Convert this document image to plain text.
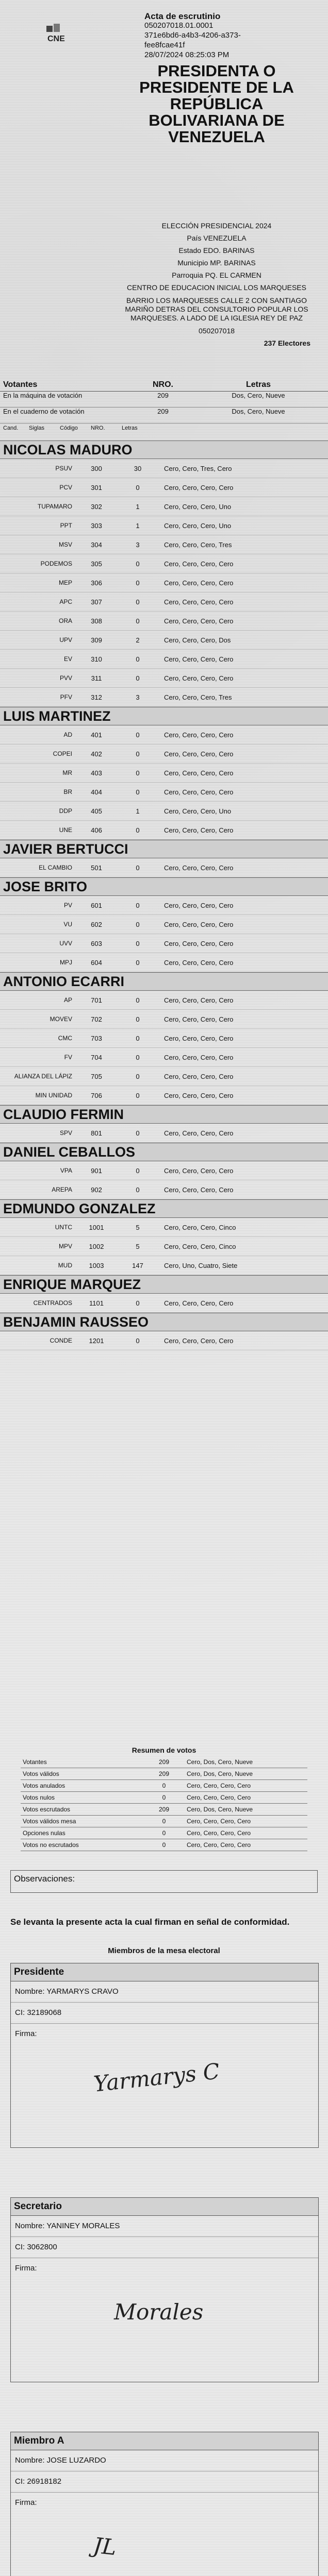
CNE
Acta de escrutinio
050207018.01.0001
371e6bd6-a4b3-4206-a373-
fee8fcae41f
28/07/2024 08:25:03 PM
PRESIDENTA O PRESIDENTE DE LA REPÚBLICA BOLIVARIANA DE VENEZUELA
ELECCIÓN PRESIDENCIAL 2024
País VENEZUELA
Estado EDO. BARINAS
Municipio MP. BARINAS
Parroquia PQ. EL CARMEN
CENTRO DE EDUCACION INICIAL LOS MARQUESES
BARRIO LOS MARQUESES CALLE 2 CON SANTIAGO MARIÑO DETRAS DEL CONSULTORIO POPULAR LOS MARQUESES. A LADO DE LA IGLESIA REY DE PAZ
050207018
237 Electores
Votantes	NRO.	Letras
En la máquina de votación	209	Dos, Cero, Nueve
En el cuaderno de votación	209	Dos, Cero, Nueve
Cand.	Siglas	Código	NRO.	Letras
NICOLAS MADURO
PSUV	300	30	Cero, Cero, Tres, Cero
PCV	301	0	Cero, Cero, Cero, Cero
TUPAMARO	302	1	Cero, Cero, Cero, Uno
PPT	303	1	Cero, Cero, Cero, Uno
MSV	304	3	Cero, Cero, Cero, Tres
PODEMOS	305	0	Cero, Cero, Cero, Cero
MEP	306	0	Cero, Cero, Cero, Cero
APC	307	0	Cero, Cero, Cero, Cero
ORA	308	0	Cero, Cero, Cero, Cero
UPV	309	2	Cero, Cero, Cero, Dos
EV	310	0	Cero, Cero, Cero, Cero
PVV	311	0	Cero, Cero, Cero, Cero
PFV	312	3	Cero, Cero, Cero, Tres
LUIS MARTINEZ
AD	401	0	Cero, Cero, Cero, Cero
COPEI	402	0	Cero, Cero, Cero, Cero
MR	403	0	Cero, Cero, Cero, Cero
BR	404	0	Cero, Cero, Cero, Cero
DDP	405	1	Cero, Cero, Cero, Uno
UNE	406	0	Cero, Cero, Cero, Cero
JAVIER BERTUCCI
EL CAMBIO	501	0	Cero, Cero, Cero, Cero
JOSE BRITO
PV	601	0	Cero, Cero, Cero, Cero
VU	602	0	Cero, Cero, Cero, Cero
UVV	603	0	Cero, Cero, Cero, Cero
MPJ	604	0	Cero, Cero, Cero, Cero
ANTONIO ECARRI
AP	701	0	Cero, Cero, Cero, Cero
MOVEV	702	0	Cero, Cero, Cero, Cero
CMC	703	0	Cero, Cero, Cero, Cero
FV	704	0	Cero, Cero, Cero, Cero
ALIANZA DEL LÁPIZ	705	0	Cero, Cero, Cero, Cero
MIN UNIDAD	706	0	Cero, Cero, Cero, Cero
CLAUDIO FERMIN
SPV	801	0	Cero, Cero, Cero, Cero
DANIEL CEBALLOS
VPA	901	0	Cero, Cero, Cero, Cero
AREPA	902	0	Cero, Cero, Cero, Cero
EDMUNDO GONZALEZ
UNTC	1001	5	Cero, Cero, Cero, Cinco
MPV	1002	5	Cero, Cero, Cero, Cinco
MUD	1003	147	Cero, Uno, Cuatro, Siete
ENRIQUE MARQUEZ
CENTRADOS	1101	0	Cero, Cero, Cero, Cero
BENJAMIN RAUSSEO
CONDE	1201	0	Cero, Cero, Cero, Cero
Resumen de votos
Votantes	209	Cero, Dos, Cero, Nueve
Votos válidos	209	Cero, Dos, Cero, Nueve
Votos anulados	0	Cero, Cero, Cero, Cero
Votos nulos	0	Cero, Cero, Cero, Cero
Votos escrutados	209	Cero, Dos, Cero, Nueve
Votos válidos mesa	0	Cero, Cero, Cero, Cero
Opciones nulas	0	Cero, Cero, Cero, Cero
Votos no escrutados	0	Cero, Cero, Cero, Cero
Observaciones:
Se levanta la presente acta la cual firman en señal de conformidad.
Miembros de la mesa electoral
Presidente
Nombre: YARMARYS CRAVO
CI: 32189068
Firma:
Yarmarys C
Secretario
Nombre: YANINEY MORALES
CI: 3062800
Firma:
Morales
Miembro A
Nombre: JOSE LUZARDO
CI: 26918182
Firma:
JL
